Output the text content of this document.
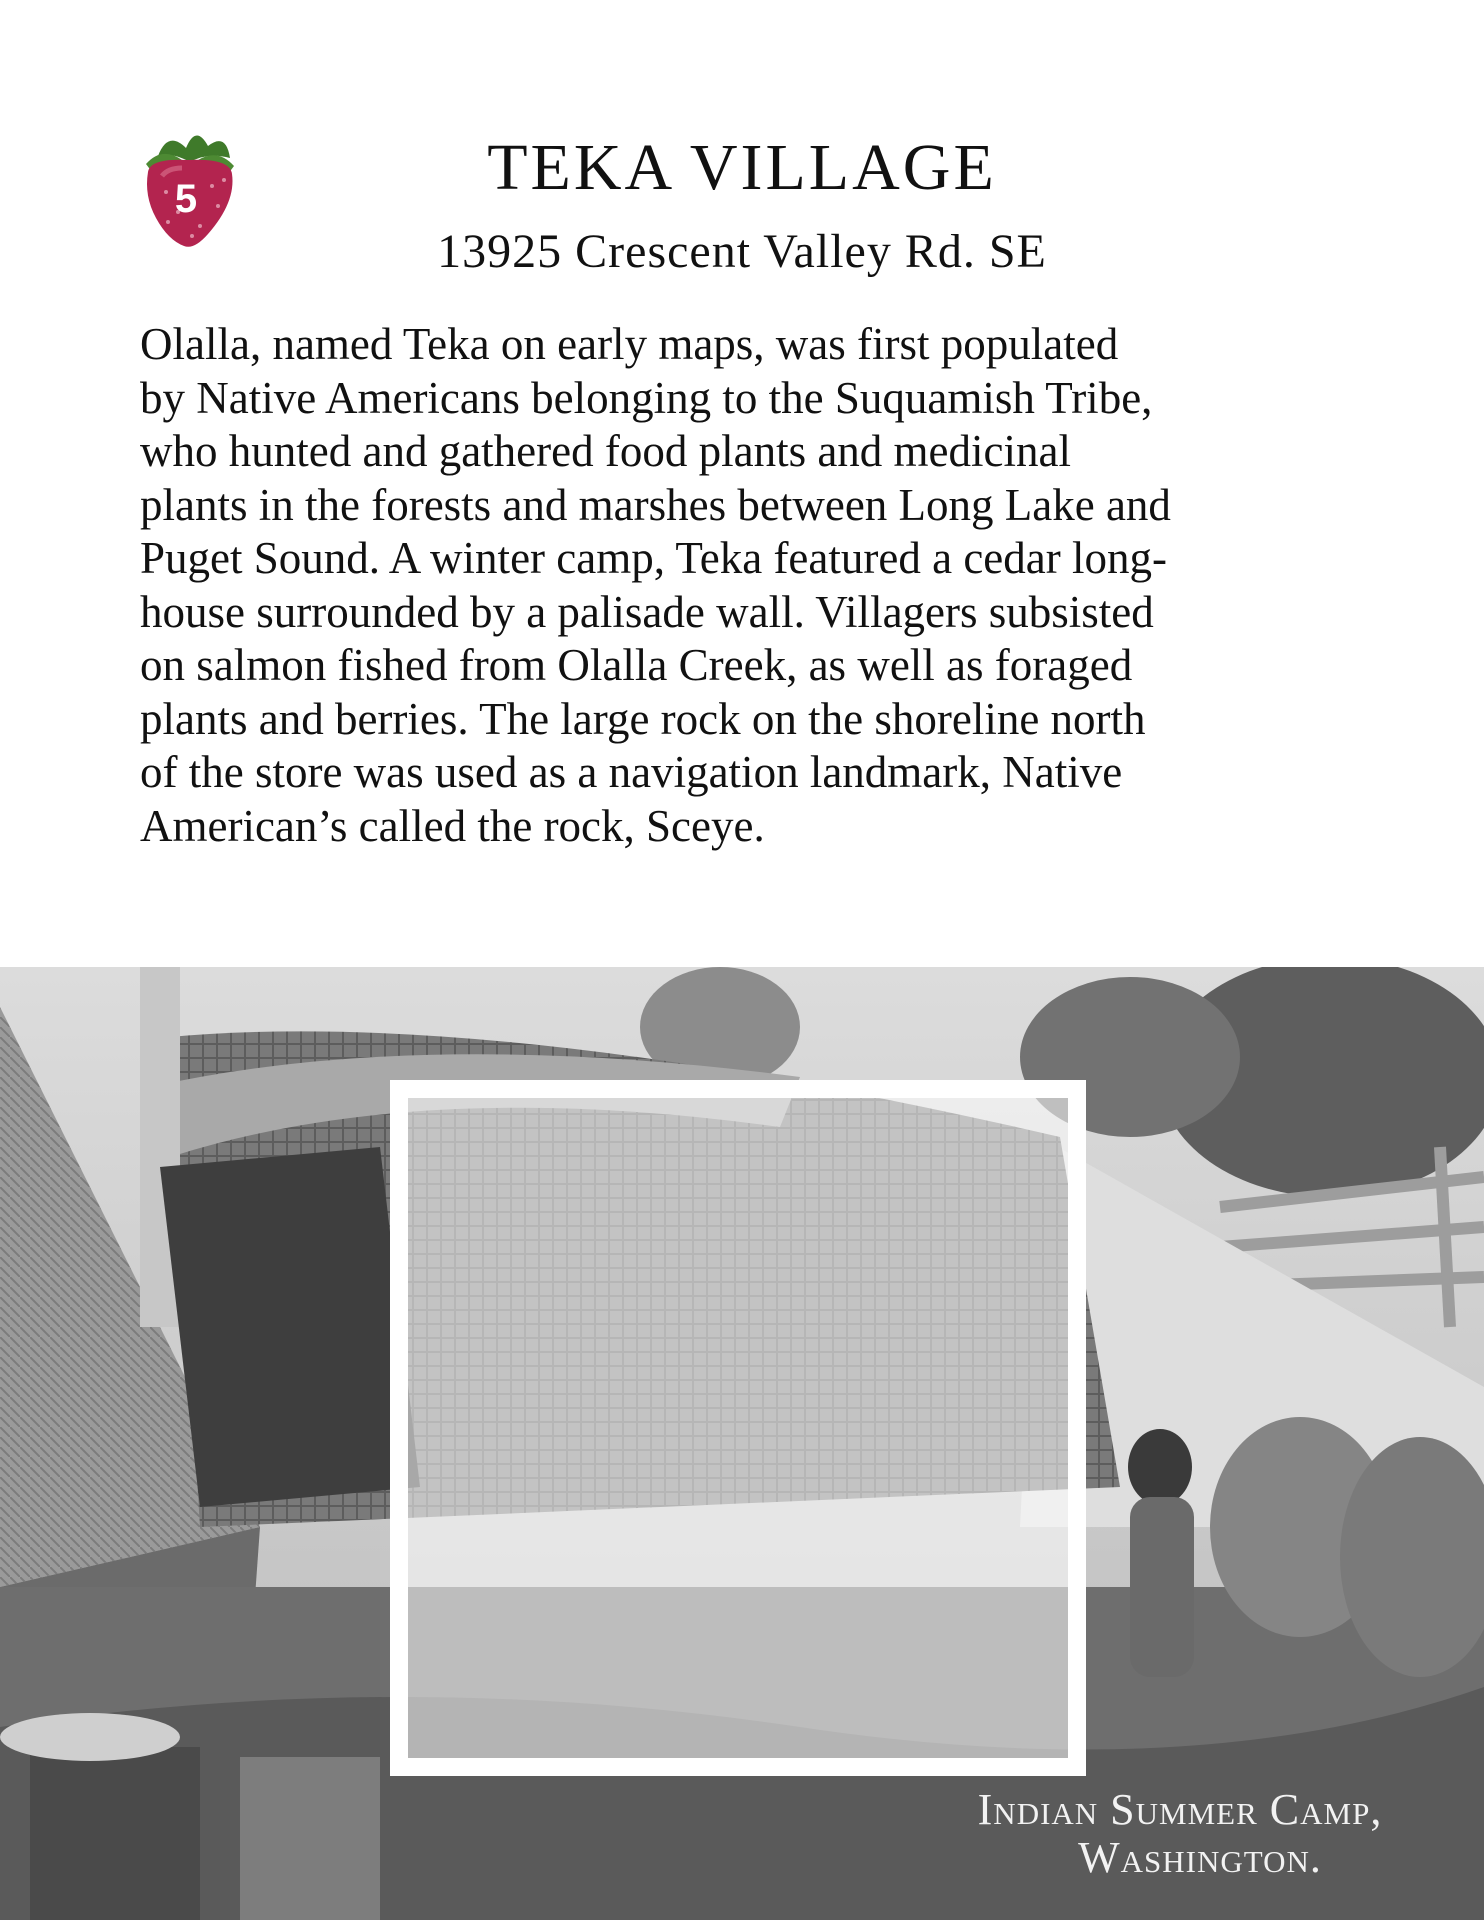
5	TEKA VILLAGE
13925 Crescent Valley Rd. SE
Olalla, named Teka on early maps, was first populated
by Native Americans belonging to the Suquamish Tribe,
who hunted and gathered food plants and medicinal
plants in the forests and marshes between Long Lake and
Puget Sound. A winter camp, Teka featured a cedar long-
house surrounded by a palisade wall. Villagers subsisted
on salmon fished from Olalla Creek, as well as foraged
plants and berries. The large rock on the shoreline north
of the store was used as a navigation landmark, Native
American’s called the rock, Sceye.
Indian Summer Camp,
Washington.
